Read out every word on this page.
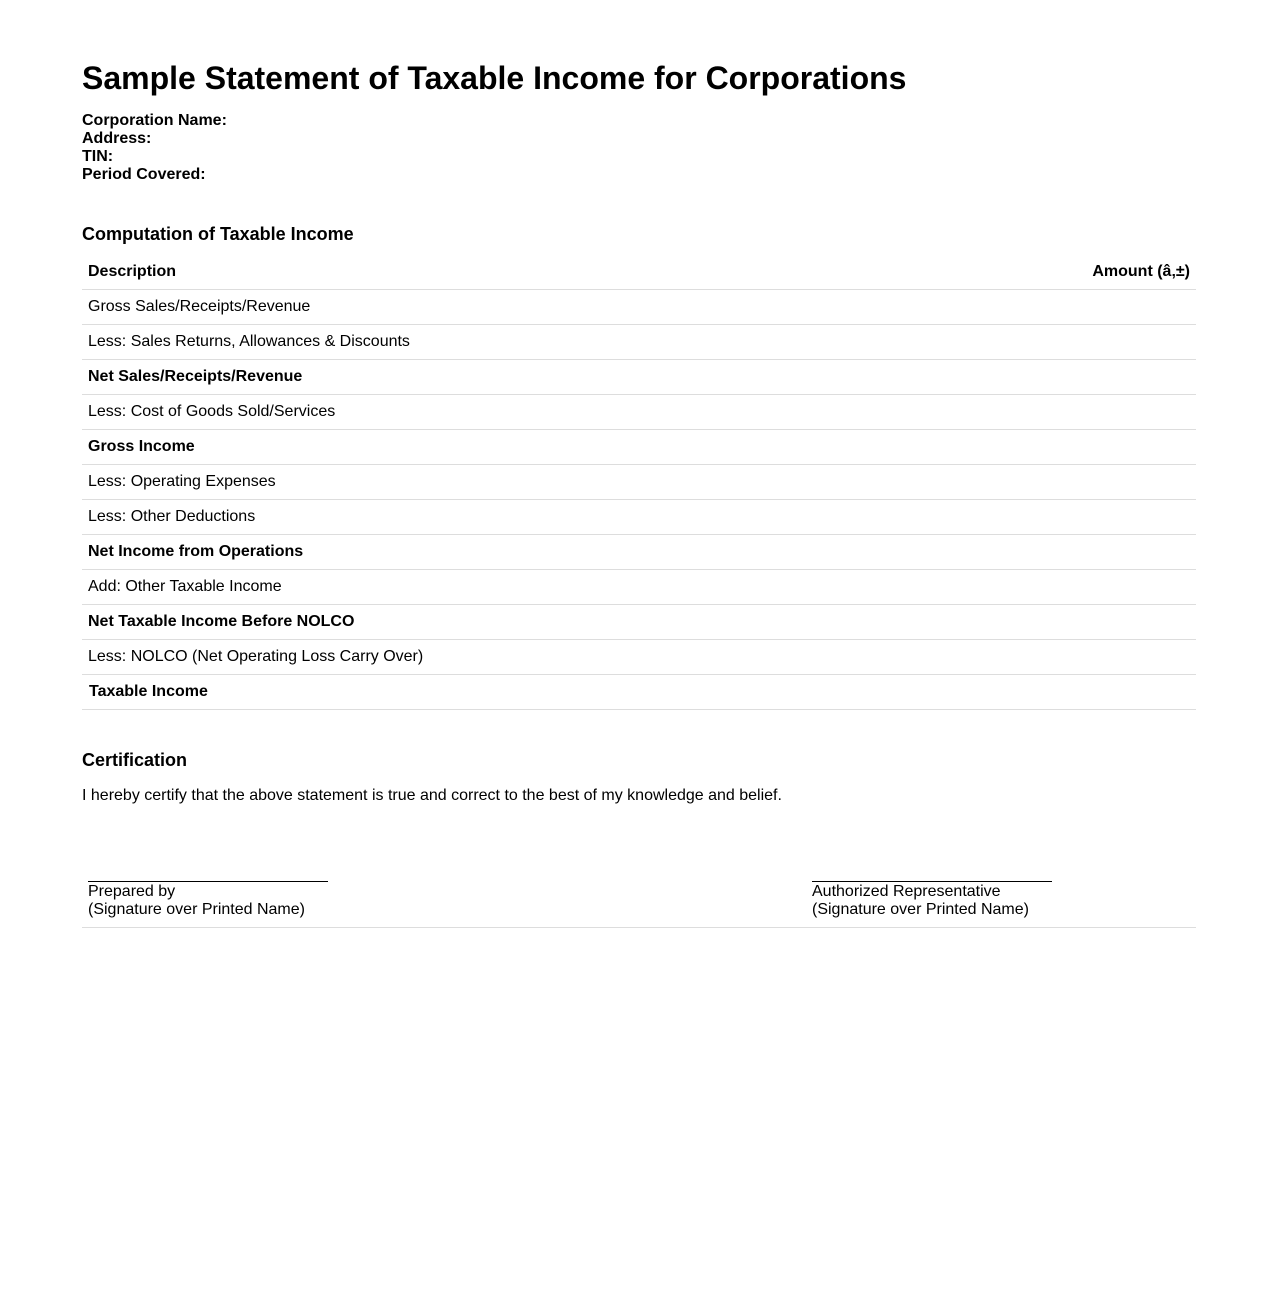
Sample Statement of Taxable Income for Corporations
Corporation Name:
Address:
TIN:
Period Covered:
Computation of Taxable Income
Description	Amount (â‚±)
Gross Sales/Receipts/Revenue	
Less: Sales Returns, Allowances & Discounts	
Net Sales/Receipts/Revenue	
Less: Cost of Goods Sold/Services	
Gross Income	
Less: Operating Expenses	
Less: Other Deductions	
Net Income from Operations	
Add: Other Taxable Income	
Net Taxable Income Before NOLCO	
Less: NOLCO (Net Operating Loss Carry Over)	
Taxable Income	
Certification

I hereby certify that the above statement is true and correct to the best of my knowledge and belief.

Prepared by
(Signature over Printed Name)

Authorized Representative
(Signature over Printed Name)
